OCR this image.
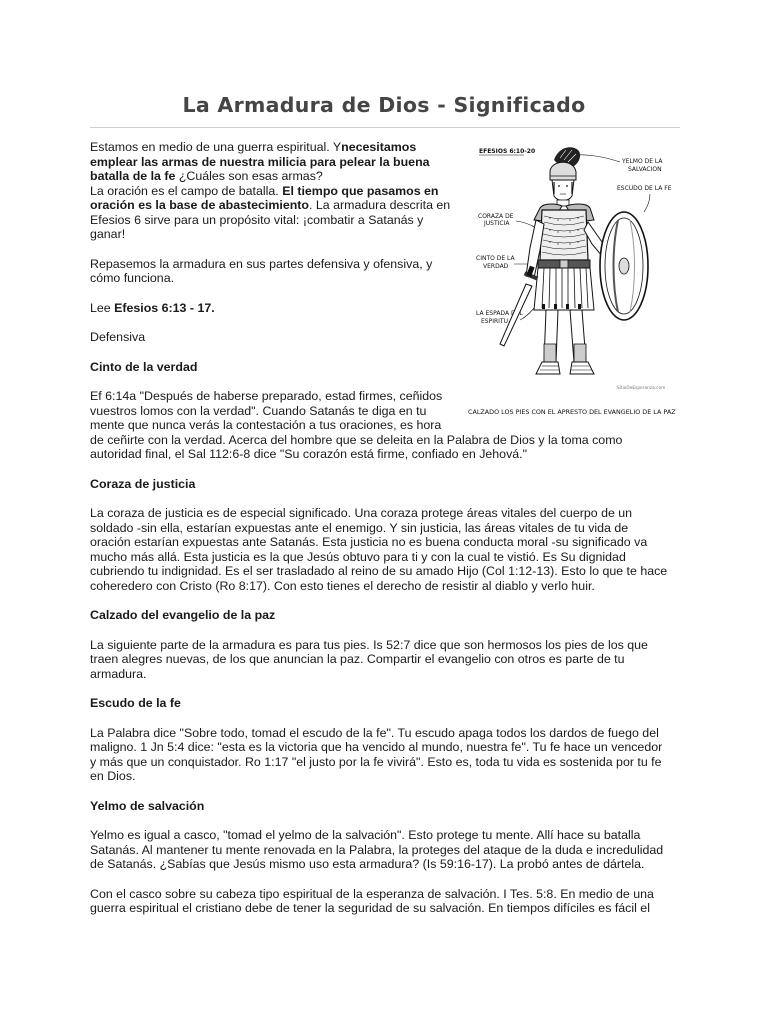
La Armadura de Dios - Significado
EFESIOS 6:10-20
YELMO DE LA
SALVACION
ESCUDO DE LA FE
CORAZA DE
JUSTICIA
CINTO DE LA
VERDAD
LA ESPADA DEL
ESPIRITU
SitioDeEsperanza.com
CALZADO LOS PIES CON EL APRESTO DEL EVANGELIO DE LA PAZ

Estamos en medio de una guerra espiritual. Ynecesitamos emplear las armas de nuestra milicia para pelear la buena batalla de la fe ¿Cuáles son esas armas?
La oración es el campo de batalla. El tiempo que pasamos en oración es la base de abastecimiento. La armadura descrita en Efesios 6 sirve para un propósito vital: ¡combatir a Satanás y ganar!

Repasemos la armadura en sus partes defensiva y ofensiva, y cómo funciona.

Lee Efesios 6:13 - 17.

Defensiva

Cinto de la verdad

Ef 6:14a "Después de haberse preparado, estad firmes, ceñidos vuestros lomos con la verdad". Cuando Satanás te diga en tu mente que nunca verás la contestación a tus oraciones, es hora
de ceñirte con la verdad. Acerca del hombre que se deleita en la Palabra de Dios y la toma como autoridad final, el Sal 112:6-8 dice "Su corazón está firme, confiado en Jehová."

Coraza de justicia

La coraza de justicia es de especial significado. Una coraza protege áreas vitales del cuerpo de un soldado -sin ella, estarían expuestas ante el enemigo. Y sin justicia, las áreas vitales de tu vida de oración estarían expuestas ante Satanás. Esta justicia no es buena conducta moral -su significado va mucho más allá. Esta justicia es la que Jesús obtuvo para ti y con la cual te vistió. Es Su dignidad cubriendo tu indignidad. Es el ser trasladado al reino de su amado Hijo (Col 1:12-13). Esto lo que te hace coheredero con Cristo (Ro 8:17). Con esto tienes el derecho de resistir al diablo y verlo huir.

Calzado del evangelio de la paz

La siguiente parte de la armadura es para tus pies. Is 52:7 dice que son hermosos los pies de los que traen alegres nuevas, de los que anuncian la paz. Compartir el evangelio con otros es parte de tu armadura.

Escudo de la fe

La Palabra dice "Sobre todo, tomad el escudo de la fe". Tu escudo apaga todos los dardos de fuego del maligno. 1 Jn 5:4 dice: "esta es la victoria que ha vencido al mundo, nuestra fe". Tu fe hace un vencedor y más que un conquistador. Ro 1:17 "el justo por la fe vivirá". Esto es, toda tu vida es sostenida por tu fe en Dios.

Yelmo de salvación

Yelmo es igual a casco, "tomad el yelmo de la salvación". Esto protege tu mente. Allí hace su batalla Satanás. Al mantener tu mente renovada en la Palabra, la proteges del ataque de la duda e incredulidad de Satanás. ¿Sabías que Jesús mismo uso esta armadura? (Is 59:16-17). La probó antes de dártela.

Con el casco sobre su cabeza tipo espiritual de la esperanza de salvación. I Tes. 5:8. En medio de una guerra espiritual el cristiano debe de tener la seguridad de su salvación. En tiempos difíciles es fácil el
